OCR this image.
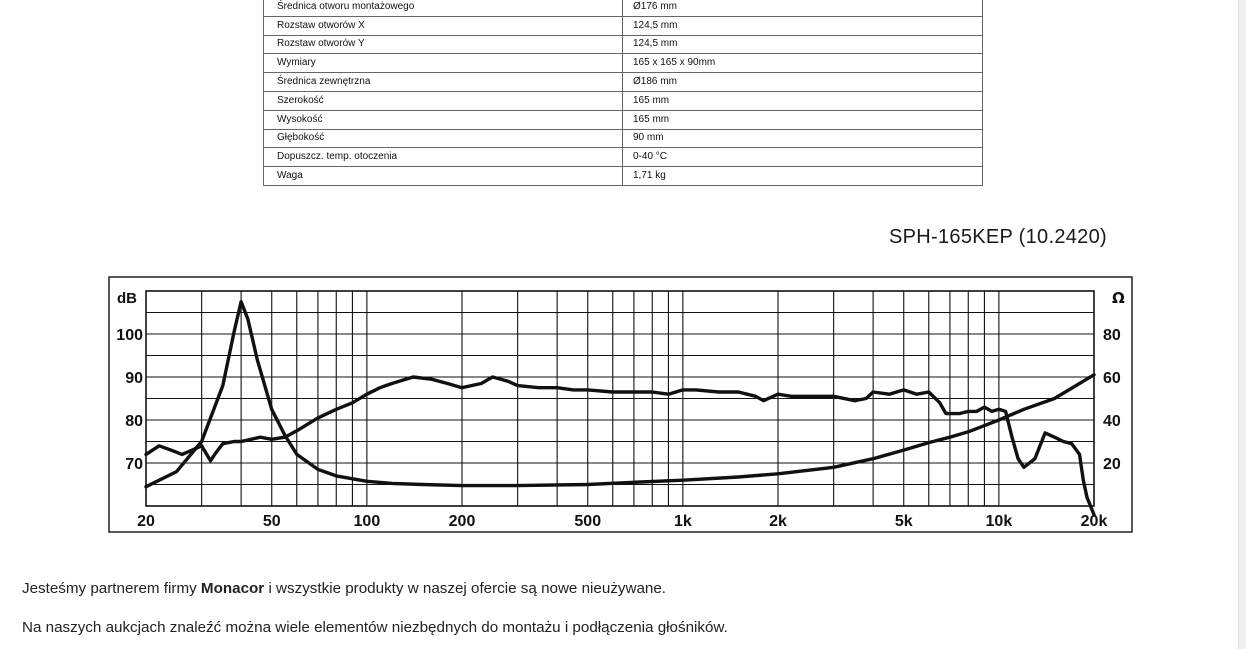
Średnica otworu montażowego	Ø176 mm
Rozstaw otworów X	124,5 mm
Rozstaw otworów Y	124,5 mm
Wymiary	165 x 165 x 90mm
Średnica zewnętrzna	Ø186 mm
Szerokość	165 mm
Wysokość	165 mm
Głębokość	90 mm
Dopuszcz. temp. otoczenia	0-40 °C
Waga	1,71 kg
SPH-165KEP (10.2420)
20	50	100	200	500	1k	2k	5k	10k	20k
70
80
90
100
20
40
60
80
dB	Ω

Jesteśmy partnerem firmy Monacor i wszystkie produkty w naszej ofercie są nowe nieużywane.

Na naszych aukcjach znaleźć można wiele elementów niezbędnych do montażu i podłączenia głośników.
